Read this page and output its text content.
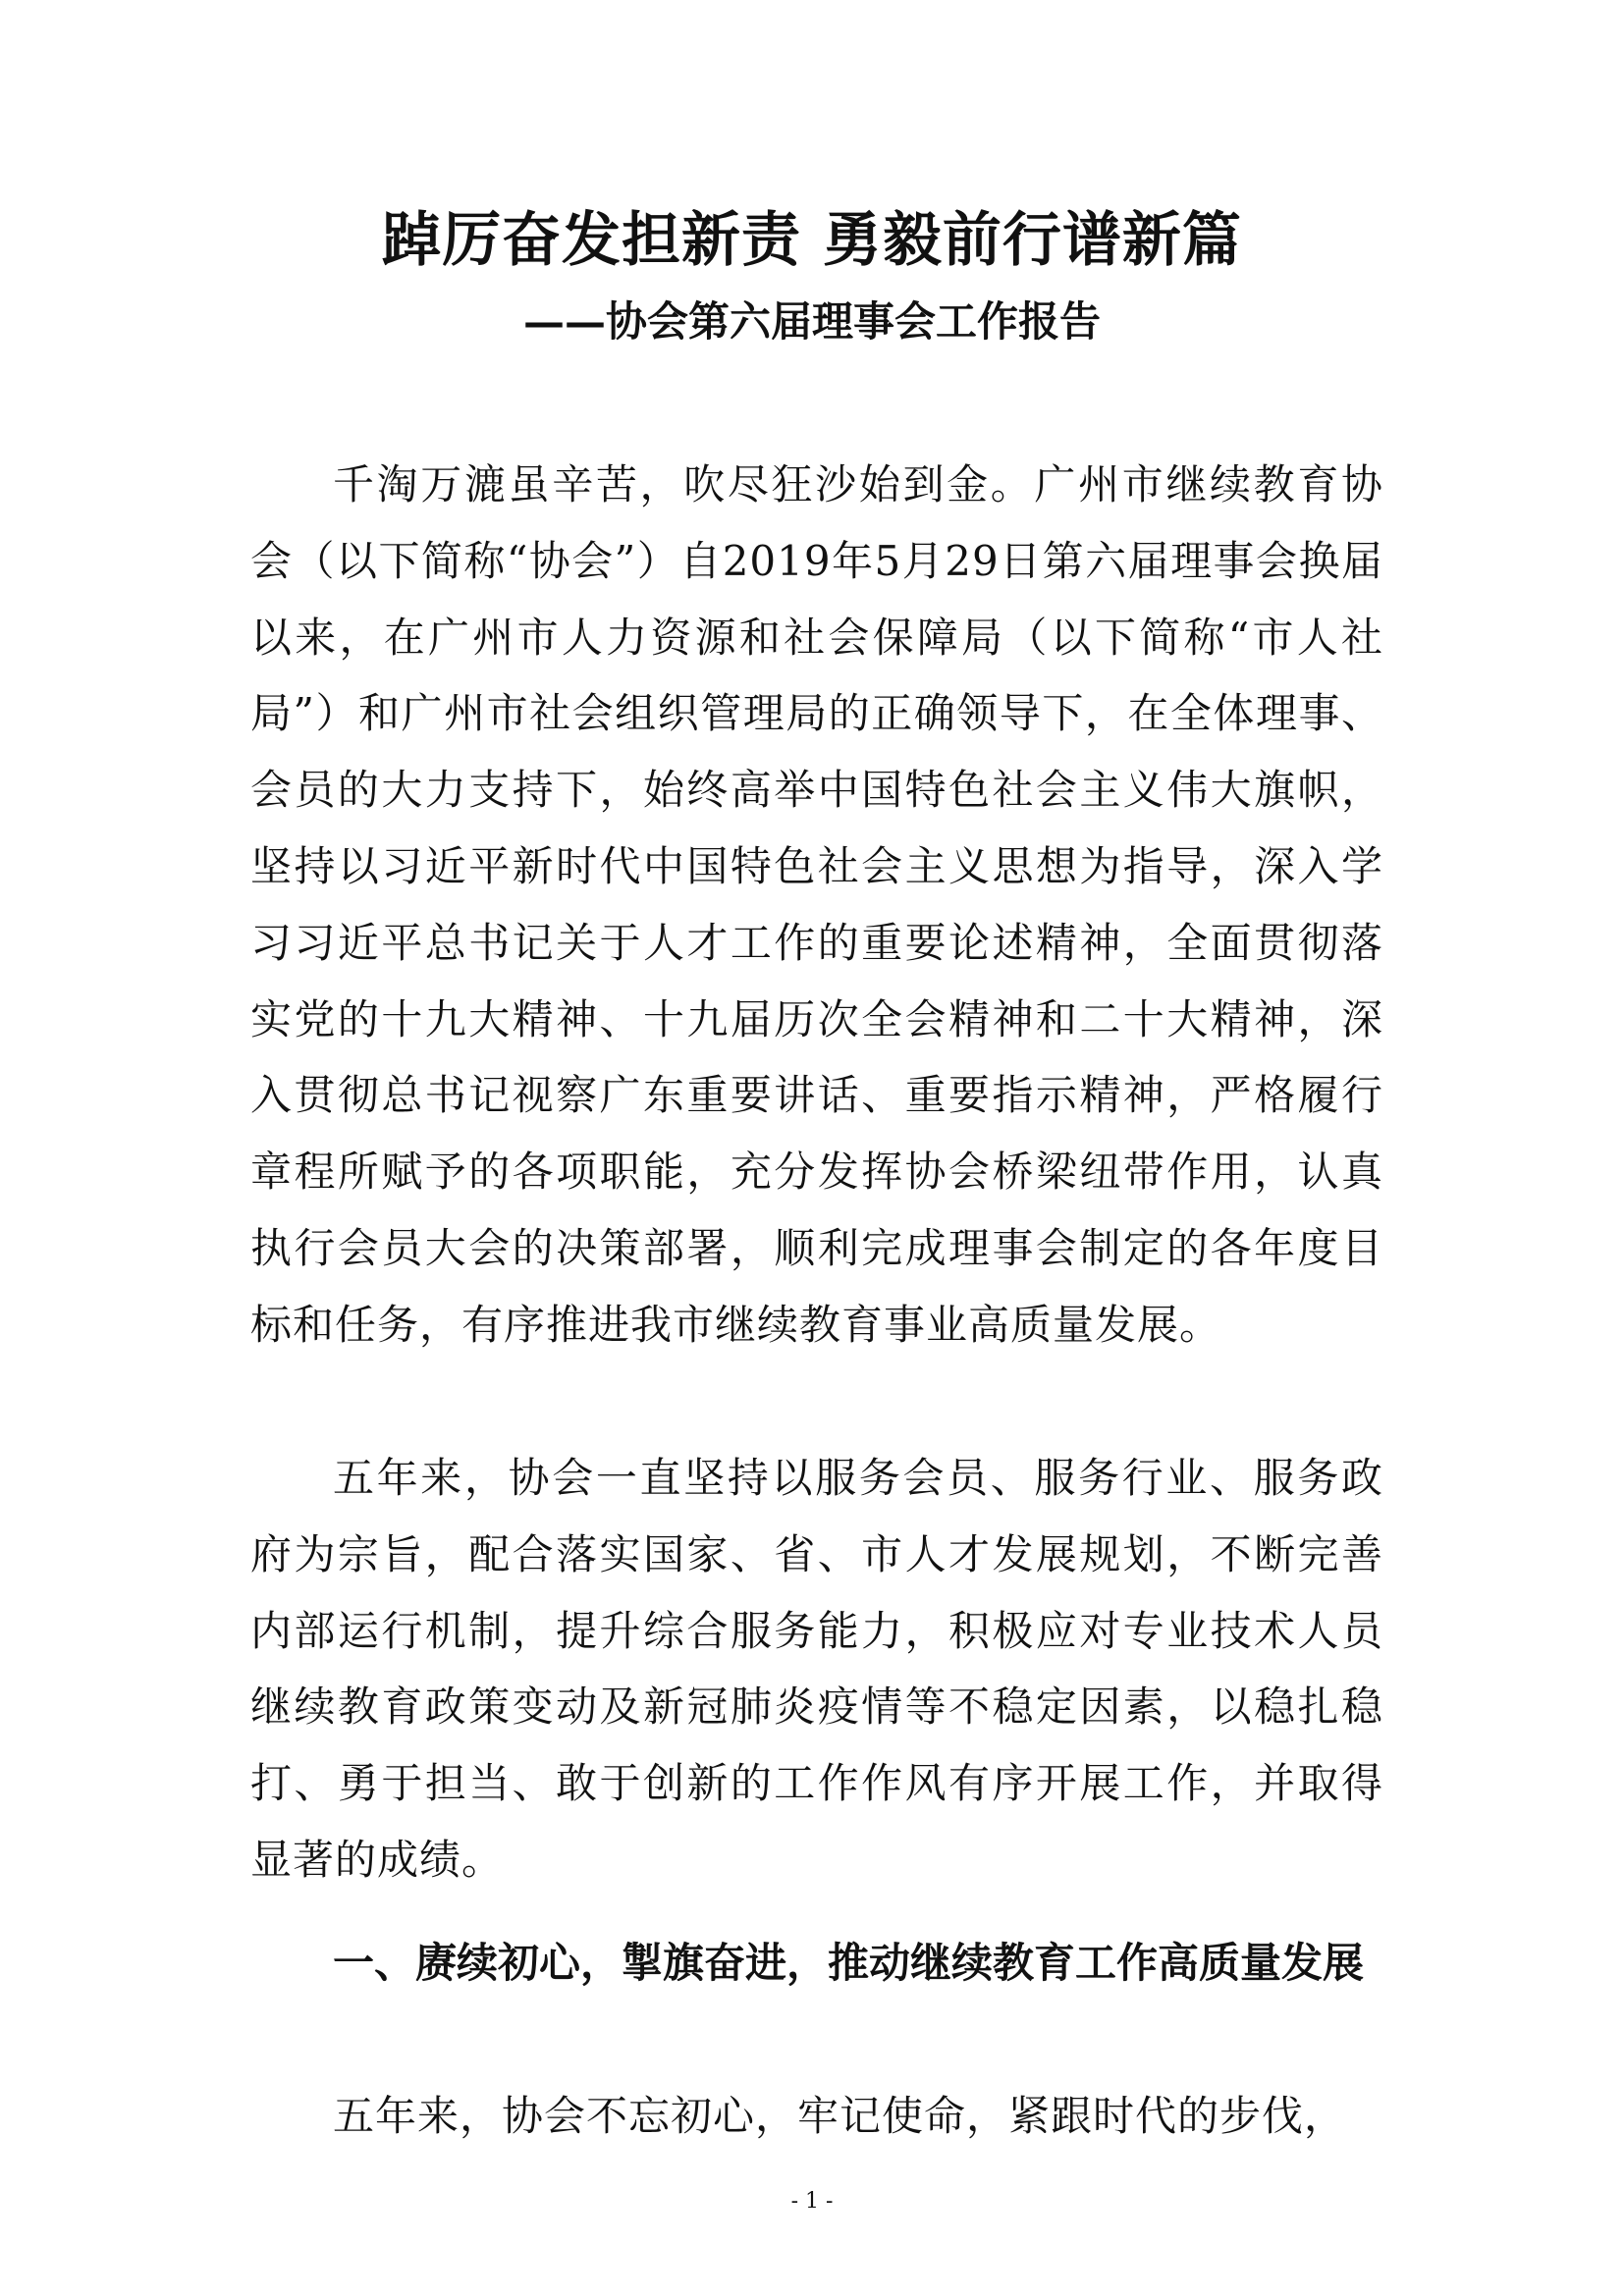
踔厉奋发担新责 勇毅前行谱新篇
——协会第六届理事会工作报告

千淘万漉虽辛苦，吹尽狂沙始到金。广州市继续教育协会（以下简称“协会”）自2019年5月29日第六届理事会换届以来，在广州市人力资源和社会保障局（以下简称“市人社局”）和广州市社会组织管理局的正确领导下，在全体理事、会员的大力支持下，始终高举中国特色社会主义伟大旗帜，坚持以习近平新时代中国特色社会主义思想为指导，深入学习习近平总书记关于人才工作的重要论述精神，全面贯彻落实党的十九大精神、十九届历次全会精神和二十大精神，深入贯彻总书记视察广东重要讲话、重要指示精神，严格履行章程所赋予的各项职能，充分发挥协会桥梁纽带作用，认真执行会员大会的决策部署，顺利完成理事会制定的各年度目标和任务，有序推进我市继续教育事业高质量发展。

五年来，协会一直坚持以服务会员、服务行业、服务政府为宗旨，配合落实国家、省、市人才发展规划，不断完善内部运行机制，提升综合服务能力，积极应对专业技术人员继续教育政策变动及新冠肺炎疫情等不稳定因素，以稳扎稳打、勇于担当、敢于创新的工作作风有序开展工作，并取得显著的成绩。

一、赓续初心，掣旗奋进，推动继续教育工作高质量发展

五年来，协会不忘初心，牢记使命，紧跟时代的步伐，

- 1 -
